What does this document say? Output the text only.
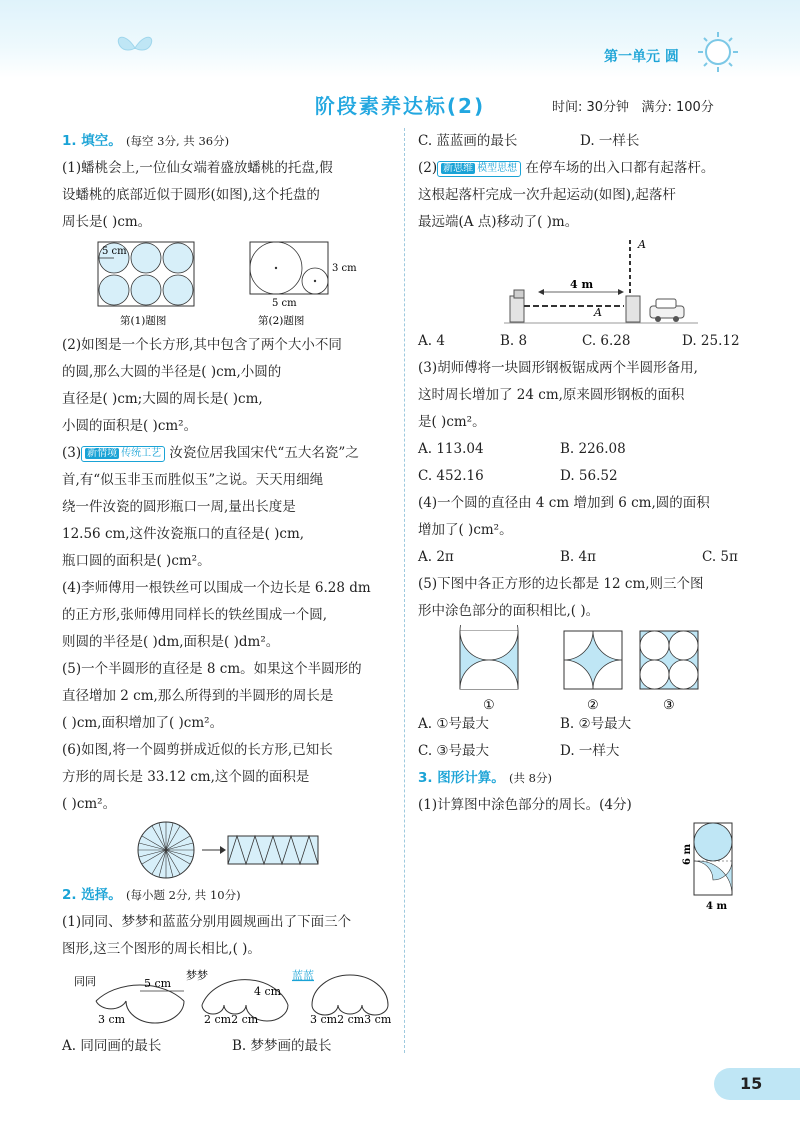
第一单元 圆
阶段素养达标(2)	时间: 30分钟 满分: 100分

1. 填空。 (每空 3分, 共 36分)

(1)蟠桃会上,一位仙女端着盛放蟠桃的托盘,假

设蟠桃的底部近似于圆形(如图),这个托盘的

周长是( )cm。

5 cm
第(1)题图
3 cm
5 cm
第(2)题图

(2)如图是一个长方形,其中包含了两个大小不同

的圆,那么大圆的半径是( )cm,小圆的

直径是( )cm;大圆的周长是( )cm,

小圆的面积是( )cm²。

(3) 新情境 传统工艺 汝瓷位居我国宋代“五大名瓷”之

首,有“似玉非玉而胜似玉”之说。天天用细绳

绕一件汝瓷的圆形瓶口一周,量出长度是

12.56 cm,这件汝瓷瓶口的直径是( )cm,

瓶口圆的面积是( )cm²。

(4)李师傅用一根铁丝可以围成一个边长是 6.28 dm

的正方形,张师傅用同样长的铁丝围成一个圆,

则圆的半径是( )dm,面积是( )dm²。

(5)一个半圆形的直径是 8 cm。如果这个半圆形的

直径增加 2 cm,那么所得到的半圆形的周长是

( )cm,面积增加了( )cm²。

(6)如图,将一个圆剪拼成近似的长方形,已知长

方形的周长是 33.12 cm,这个圆的面积是

( )cm²。

2. 选择。 (每小题 2分, 共 10分)

(1)同同、梦梦和蓝蓝分别用圆规画出了下面三个

图形,这三个图形的周长相比,( )。

同同	5 cm
3 cm
梦梦
4 cm
2 cm2 cm
蓝蓝
3 cm2 cm3 cm
A. 同同画的最长	B. 梦梦画的最长
C. 蓝蓝画的最长	D. 一样长

(2) 新思维 模型思想 在停车场的出入口都有起落杆。

这根起落杆完成一次升起运动(如图),起落杆

最远端(A 点)移动了( )m。

4 m
A
A
A. 4	B. 8	C. 6.28	D. 25.12

(3)胡师傅将一块圆形钢板锯成两个半圆形备用,

这时周长增加了 24 cm,原来圆形钢板的面积

是( )cm²。

A. 113.04	B. 226.08
C. 452.16	D. 56.52

(4)一个圆的直径由 4 cm 增加到 6 cm,圆的面积

增加了( )cm²。

A. 2π	B. 4π	C. 5π

(5)下图中各正方形的边长都是 12 cm,则三个图

形中涂色部分的面积相比,( )。

①	②	③
A. ①号最大	B. ②号最大
C. ③号最大	D. 一样大

3. 图形计算。 (共 8分)

(1)计算图中涂色部分的周长。(4分)

6 m
4 m
15
